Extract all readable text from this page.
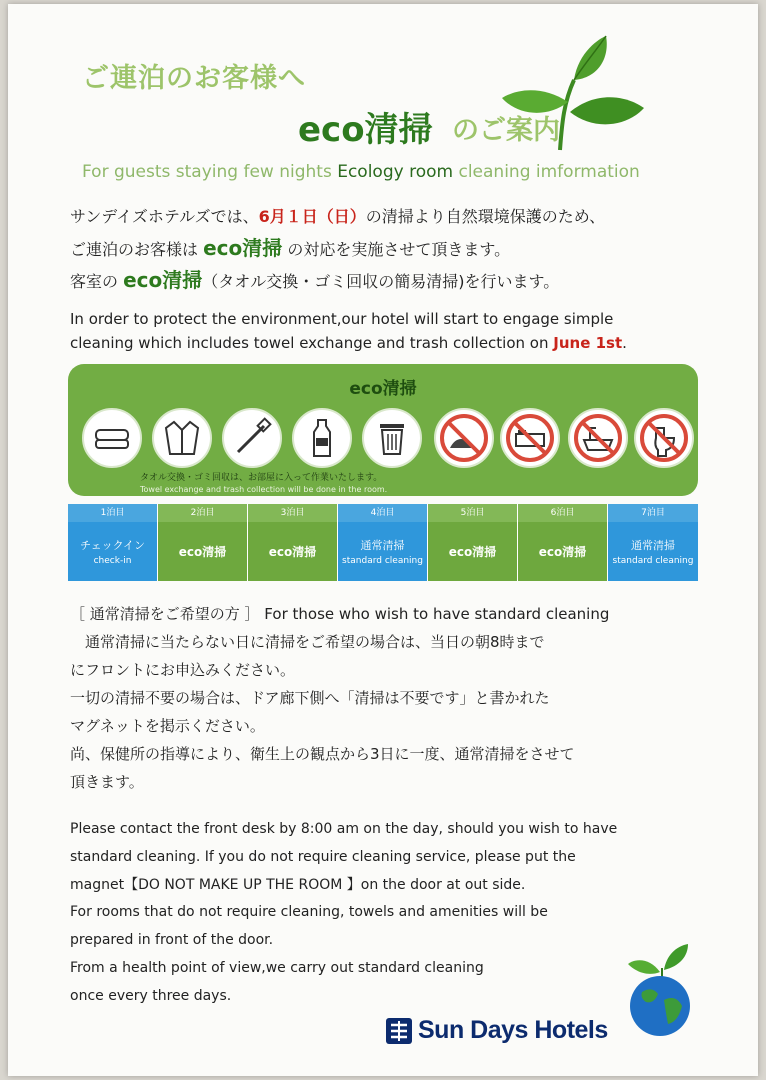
ご連泊のお客様へ
eco清掃 のご案内
For guests staying few nights Ecology room cleaning imformation
サンデイズホテルズでは、6月１日（日）の清掃より自然環境保護のため、
ご連泊のお客様は eco清掃 の対応を実施させて頂きます。
客室の eco清掃（タオル交換・ゴミ回収の簡易清掃)を行います。
In order to protect the environment,our hotel will start to engage simple
cleaning which includes towel exchange and trash collection on June 1st.
eco清掃
タオル交換・ゴミ回収は、お部屋に入って作業いたします。
Towel exchange and trash collection will be done in the room.
1泊目
チェックイン
check-in
2泊目
eco清掃
3泊目
eco清掃
4泊目
通常清掃
standard cleaning
5泊目
eco清掃
6泊目
eco清掃
7泊目
通常清掃
standard cleaning
［ 通常清掃をご希望の方 ］ For those who wish to have standard cleaning
　通常清掃に当たらない日に清掃をご希望の場合は、当日の朝8時まで
にフロントにお申込みください。
一切の清掃不要の場合は、ドア廊下側へ「清掃は不要です」と書かれた
マグネットを掲示ください。
尚、保健所の指導により、衛生上の観点から3日に一度、通常清掃をさせて
頂きます。
Please contact the front desk by 8:00 am on the day, should you wish to have
standard cleaning. If you do not require cleaning service, please put the
magnet【DO NOT MAKE UP THE ROOM 】on the door at out side.
For rooms that do not require cleaning, towels and amenities will be
prepared in front of the door.
From a health point of view,we carry out standard cleaning
once every three days.
Sun Days Hotels
